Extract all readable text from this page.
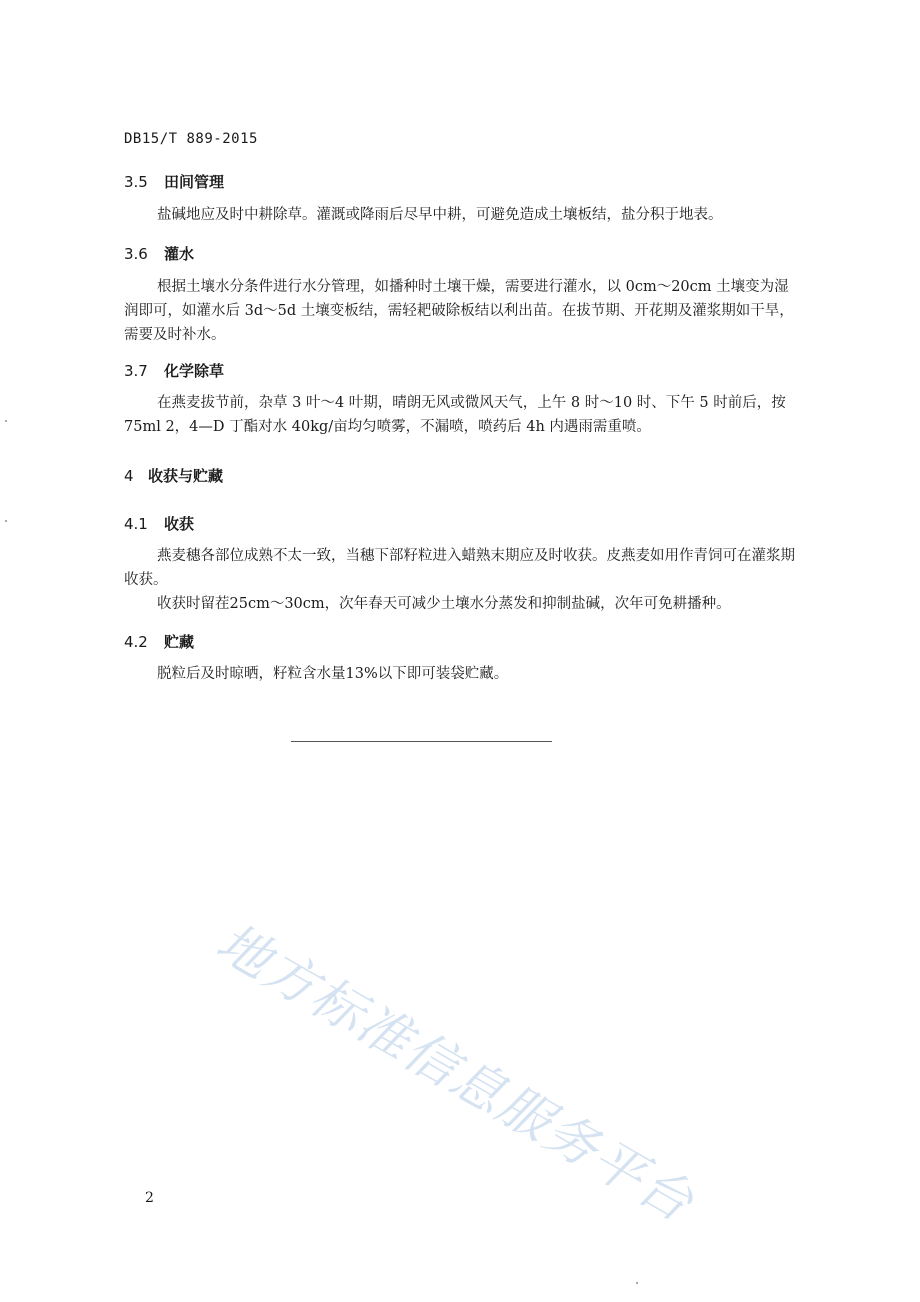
DB15/T 889-2015
3.5 田间管理
盐碱地应及时中耕除草。灌溉或降雨后尽早中耕，可避免造成土壤板结，盐分积于地表。
3.6 灌水
根据土壤水分条件进行水分管理，如播种时土壤干燥，需要进行灌水，以 0cm～20cm 土壤变为湿润即可，如灌水后 3d～5d 土壤变板结，需轻耙破除板结以利出苗。在拔节期、开花期及灌浆期如干旱，需要及时补水。
3.7 化学除草
在燕麦拔节前，杂草 3 叶～4 叶期，晴朗无风或微风天气，上午 8 时～10 时、下午 5 时前后，按 75ml 2，4—D 丁酯对水 40kg/亩均匀喷雾，不漏喷，喷药后 4h 内遇雨需重喷。
4 收获与贮藏
4.1 收获
燕麦穗各部位成熟不太一致，当穗下部籽粒进入蜡熟末期应及时收获。皮燕麦如用作青饲可在灌浆期收获。
收获时留茬25cm～30cm，次年春天可减少土壤水分蒸发和抑制盐碱，次年可免耕播种。
4.2 贮藏
脱粒后及时晾晒，籽粒含水量13%以下即可装袋贮藏。
地方标准信息服务平台
2
